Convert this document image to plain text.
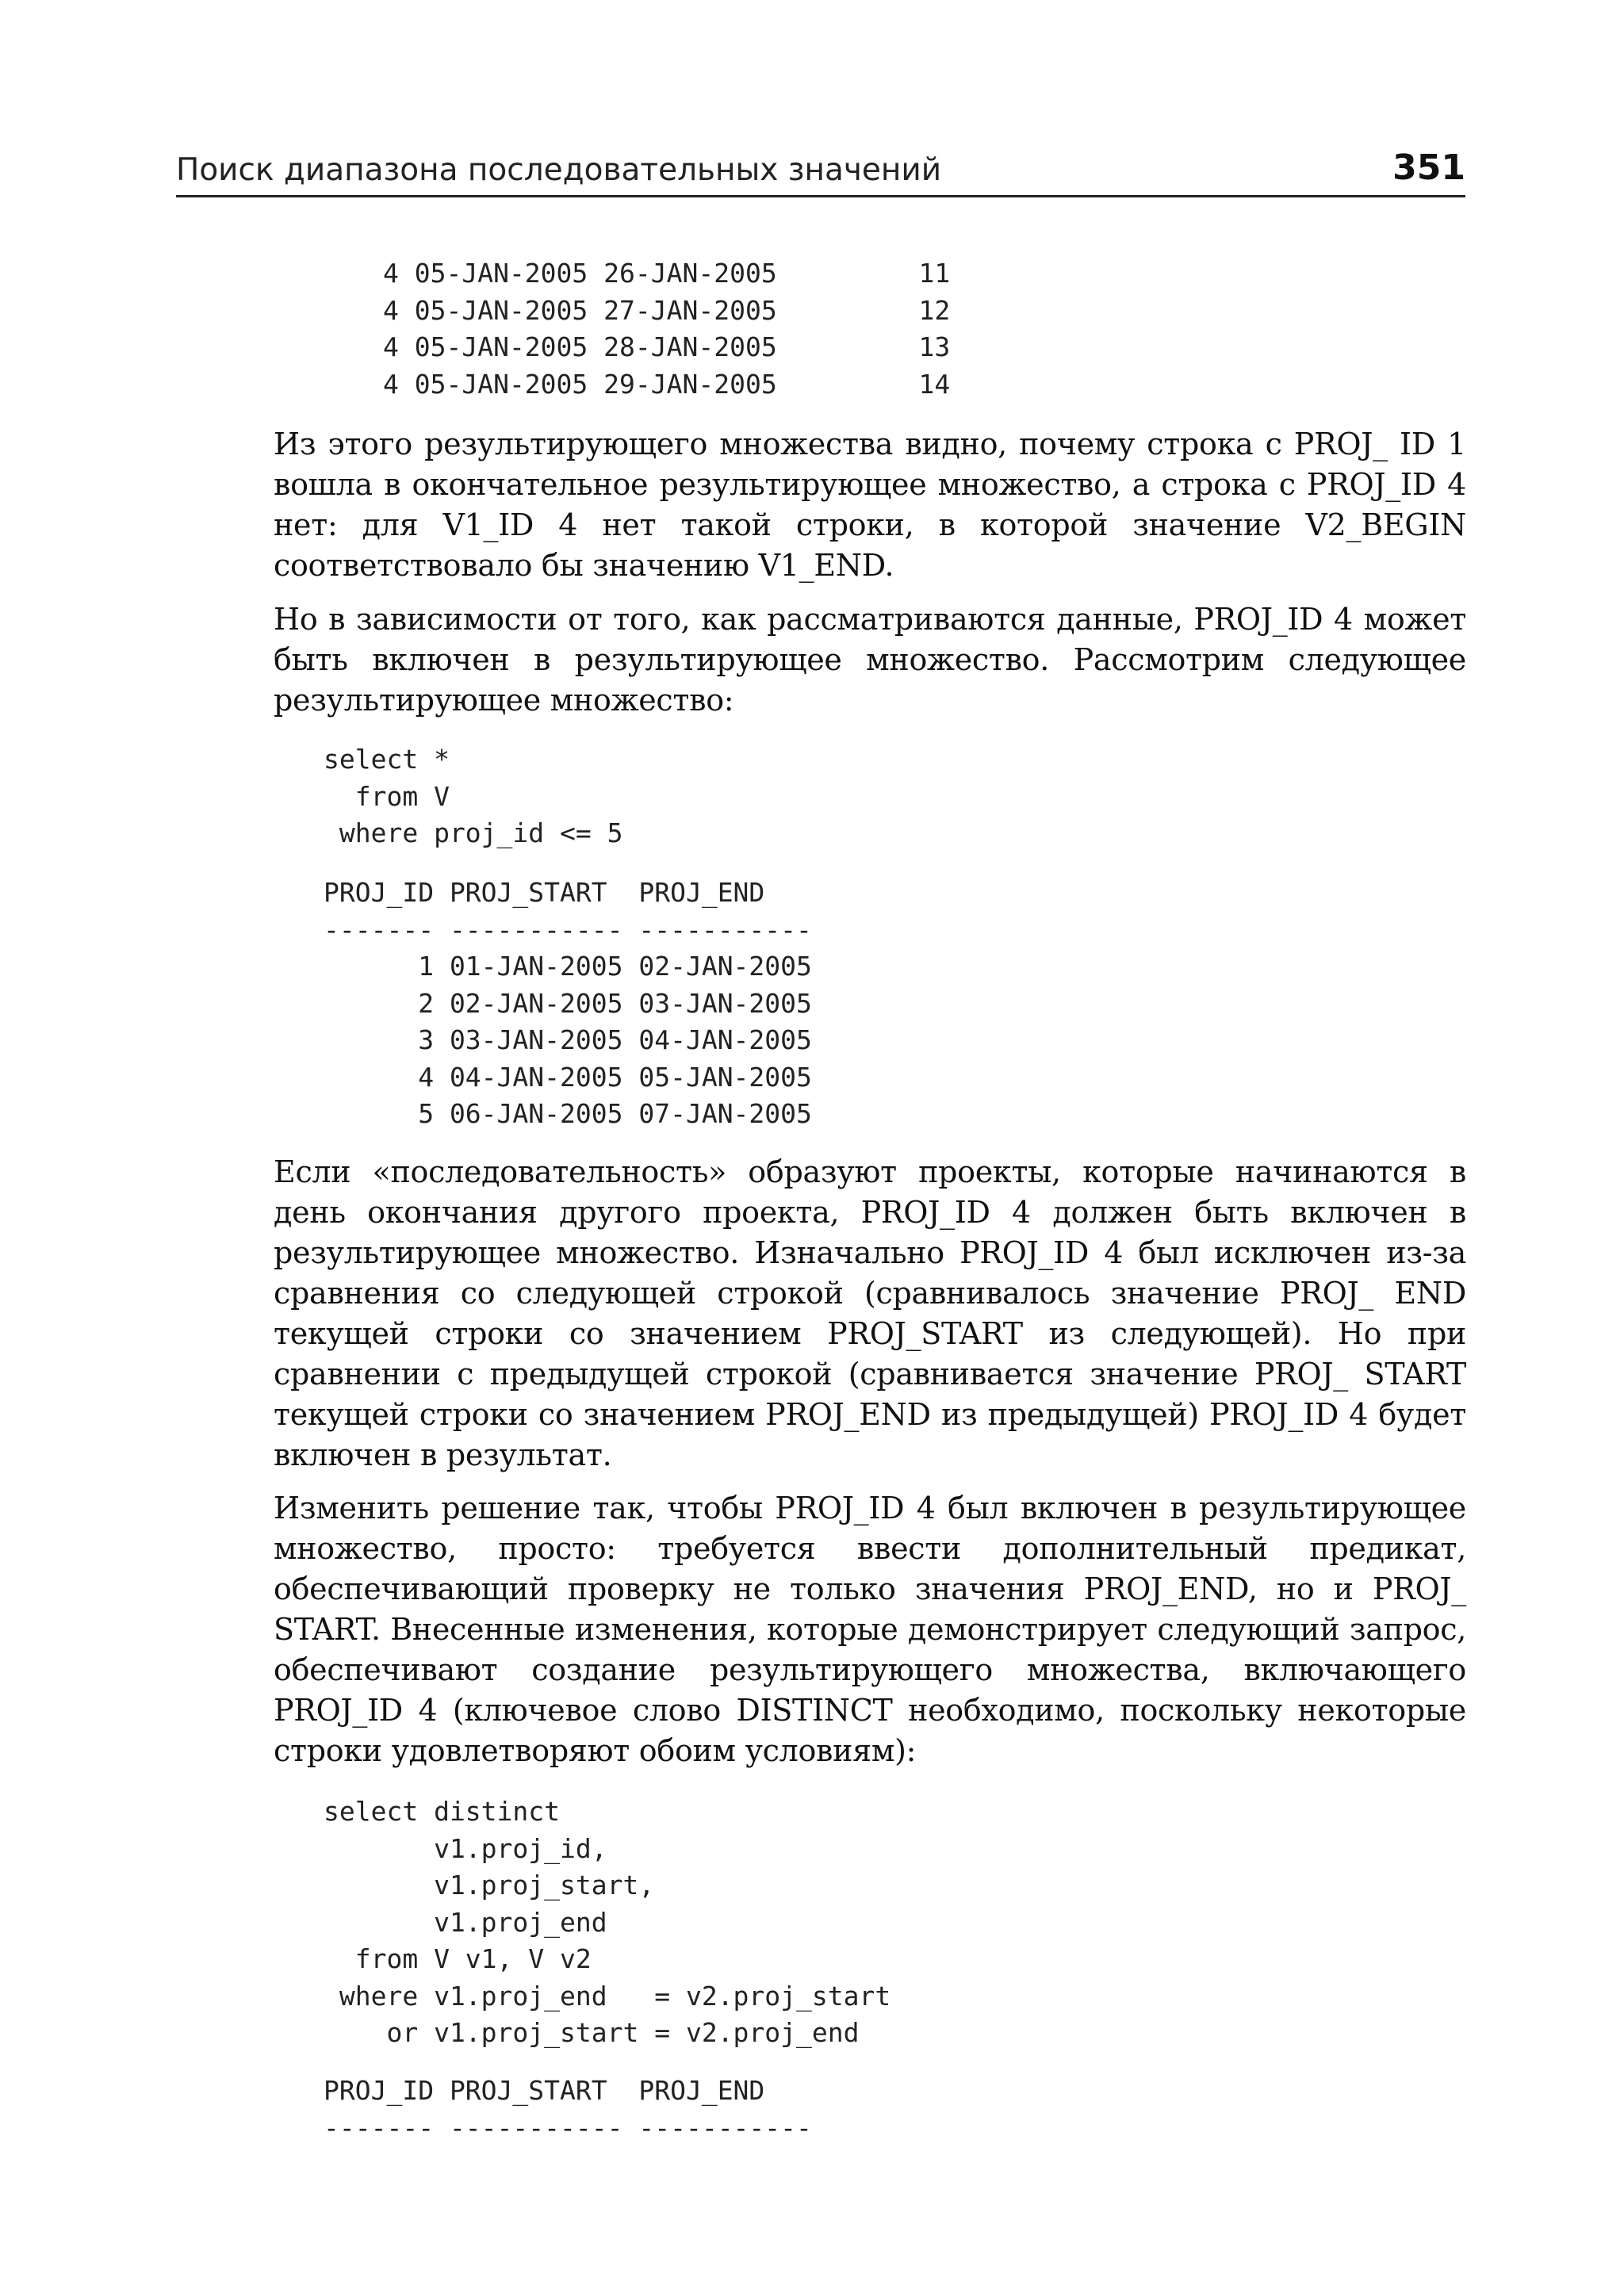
Поиск диапазона последовательных значений	351
4 05-JAN-2005 26-JAN-2005         11
4 05-JAN-2005 27-JAN-2005         12
4 05-JAN-2005 28-JAN-2005         13
4 05-JAN-2005 29-JAN-2005         14

Из этого результирующего множества видно, почему строка с PROJ_ ID 1 вошла в окончательное результирующее множество, а строка с PROJ_ID 4 нет: для V1_ID 4 нет такой строки, в которой значение V2_BEGIN соответствовало бы значению V1_END.

Но в зависимости от того, как рассматриваются данные, PROJ_ID 4 может быть включен в результирующее множество. Рассмотрим следующее результирующее множество:

select *
from V
where proj_id <= 5
PROJ_ID PROJ_START  PROJ_END
------- ----------- -----------
1 01-JAN-2005 02-JAN-2005
2 02-JAN-2005 03-JAN-2005
3 03-JAN-2005 04-JAN-2005
4 04-JAN-2005 05-JAN-2005
5 06-JAN-2005 07-JAN-2005

Если «последовательность» образуют проекты, которые начинаются в день окончания другого проекта, PROJ_ID 4 должен быть включен в результирующее множество. Изначально PROJ_ID 4 был исключен из-за сравнения со следующей строкой (сравнивалось значение PROJ_ END текущей строки со значением PROJ_START из следующей). Но при сравнении с предыдущей строкой (сравнивается значение PROJ_ START текущей строки со значением PROJ_END из предыдущей) PROJ_ID 4 будет включен в результат.

Изменить решение так, чтобы PROJ_ID 4 был включен в результирующее множество, просто: требуется ввести дополнительный предикат, обеспечивающий проверку не только значения PROJ_END, но и PROJ_ START. Внесенные изменения, которые демонстрирует следующий запрос, обеспечивают создание результирующего множества, включающего PROJ_ID 4 (ключевое слово DISTINCT необходимо, поскольку некоторые строки удовлетворяют обоим условиям):

select distinct
v1.proj_id,
v1.proj_start,
v1.proj_end
from V v1, V v2
where v1.proj_end   = v2.proj_start
or v1.proj_start = v2.proj_end
PROJ_ID PROJ_START  PROJ_END
------- ----------- -----------
